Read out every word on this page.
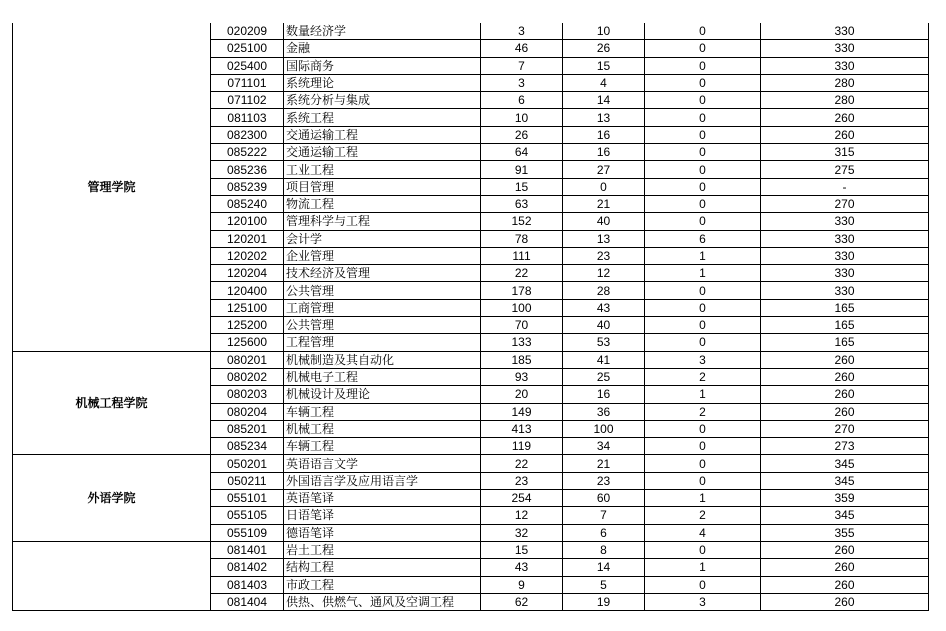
管理学院	020209	数量经济学	3	10	0	330
	025100	金融	46	26	0	330
	025400	国际商务	7	15	0	330
	071101	系统理论	3	4	0	280
	071102	系统分析与集成	6	14	0	280
	081103	系统工程	10	13	0	260
	082300	交通运输工程	26	16	0	260
	085222	交通运输工程	64	16	0	315
	085236	工业工程	91	27	0	275
	085239	项目管理	15	0	0	-
	085240	物流工程	63	21	0	270
	120100	管理科学与工程	152	40	0	330
	120201	会计学	78	13	6	330
	120202	企业管理	111	23	1	330
	120204	技术经济及管理	22	12	1	330
	120400	公共管理	178	28	0	330
	125100	工商管理	100	43	0	165
	125200	公共管理	70	40	0	165
	125600	工程管理	133	53	0	165
机械工程学院	080201	机械制造及其自动化	185	41	3	260
	080202	机械电子工程	93	25	2	260
	080203	机械设计及理论	20	16	1	260
	080204	车辆工程	149	36	2	260
	085201	机械工程	413	100	0	270
	085234	车辆工程	119	34	0	273
外语学院	050201	英语语言文学	22	21	0	345
	050211	外国语言学及应用语言学	23	23	0	345
	055101	英语笔译	254	60	1	359
	055105	日语笔译	12	7	2	345
	055109	德语笔译	32	6	4	355
	081401	岩土工程	15	8	0	260
	081402	结构工程	43	14	1	260
	081403	市政工程	9	5	0	260
	081404	供热、供燃气、通风及空调工程	62	19	3	260
